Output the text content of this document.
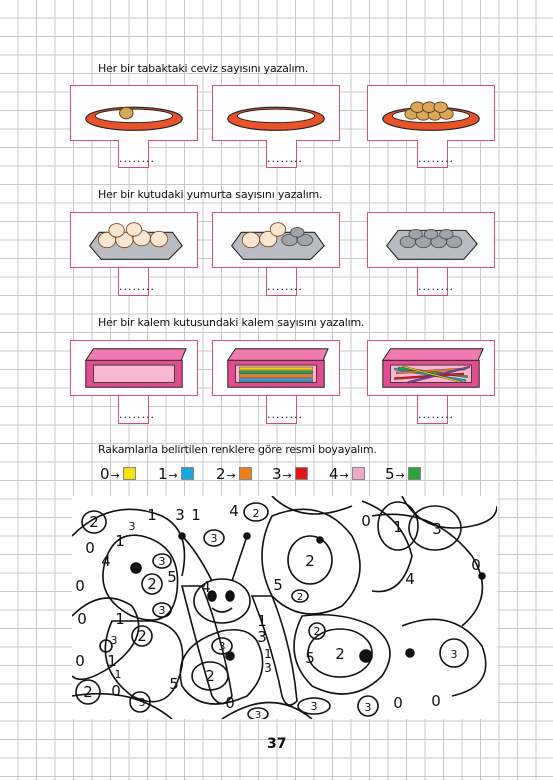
Her bir tabaktaki ceviz sayısını yazalım.
........	........	........
Her bir kutudaki yumurta sayısını yazalım.
........	........	........
Her bir kalem kutusundaki kalem sayısını yazalım.
........	........	........
Rakamlarla belirtilen renklere göre resmi boyayalım.
0→	1→	2→	3→	4→	5→
2	3
1 3 1 4 2
0 1	3
4	3
2 5
0	4
3
5
2
2
0 1 3
4
0
0 1
3 2
1
3	2
3	2
5
0 1	1
3
3
1	2
5
2
3	0
3
3	3 0 0
0
37
